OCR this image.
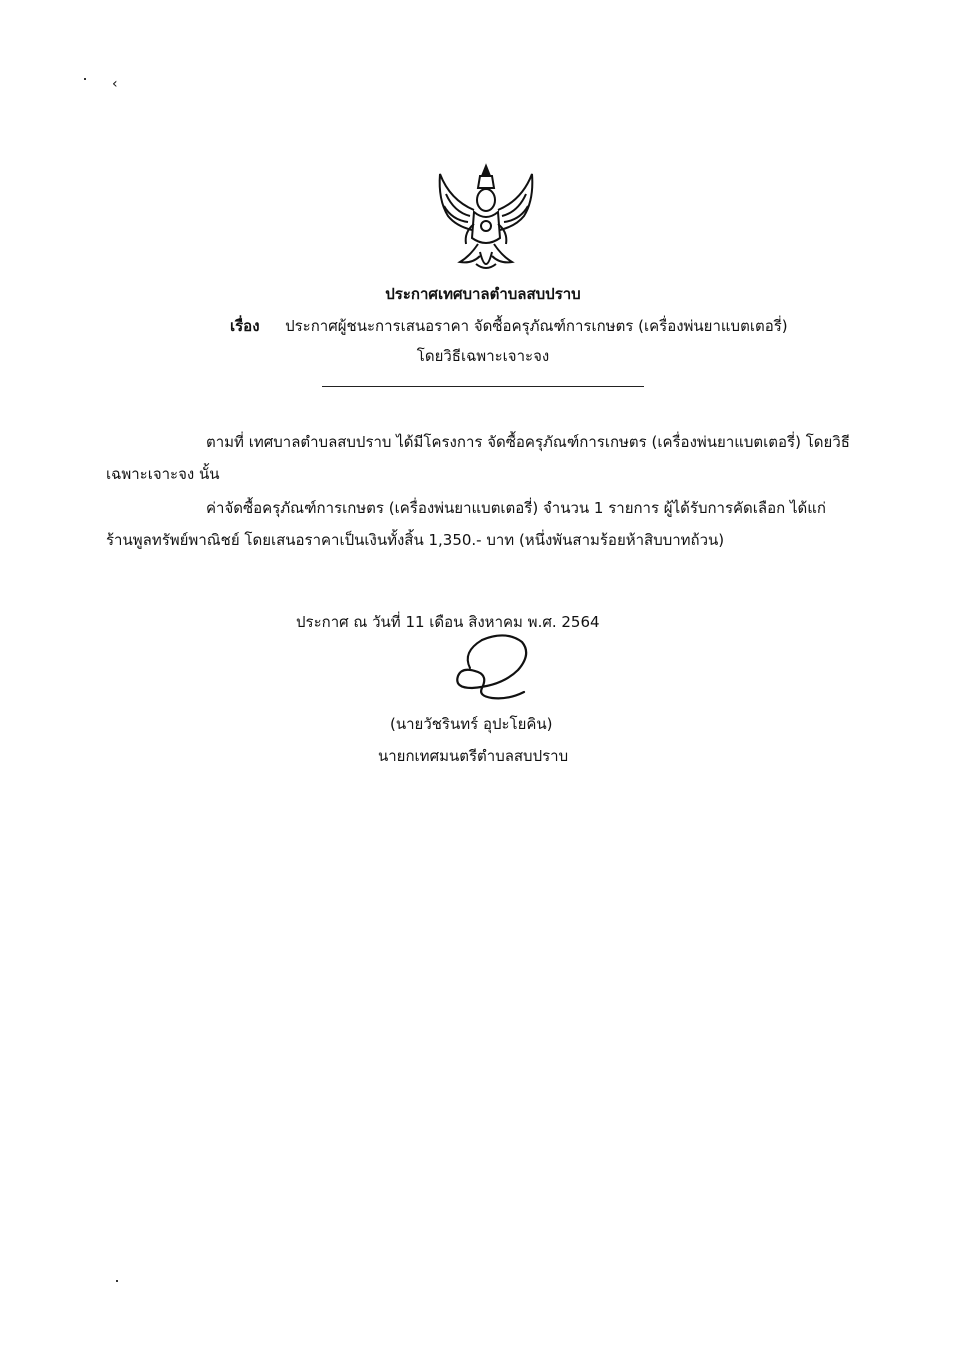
‹
ประกาศเทศบาลตำบลสบปราบ
เรื่อง ประกาศผู้ชนะการเสนอราคา จัดซื้อครุภัณฑ์การเกษตร (เครื่องพ่นยาแบตเตอรี่)
โดยวิธีเฉพาะเจาะจง
ตามที่ เทศบาลตำบลสบปราบ ได้มีโครงการ จัดซื้อครุภัณฑ์การเกษตร (เครื่องพ่นยาแบตเตอรี่) โดยวิธี
เฉพาะเจาะจง นั้น
ค่าจัดซื้อครุภัณฑ์การเกษตร (เครื่องพ่นยาแบตเตอรี่) จำนวน 1 รายการ ผู้ได้รับการคัดเลือก ได้แก่
ร้านพูลทรัพย์พาณิชย์ โดยเสนอราคาเป็นเงินทั้งสิ้น 1,350.- บาท (หนึ่งพันสามร้อยห้าสิบบาทถ้วน)
ประกาศ ณ วันที่ 11 เดือน สิงหาคม พ.ศ. 2564
(นายวัชรินทร์ อุปะโยคิน)
นายกเทศมนตรีตำบลสบปราบ
